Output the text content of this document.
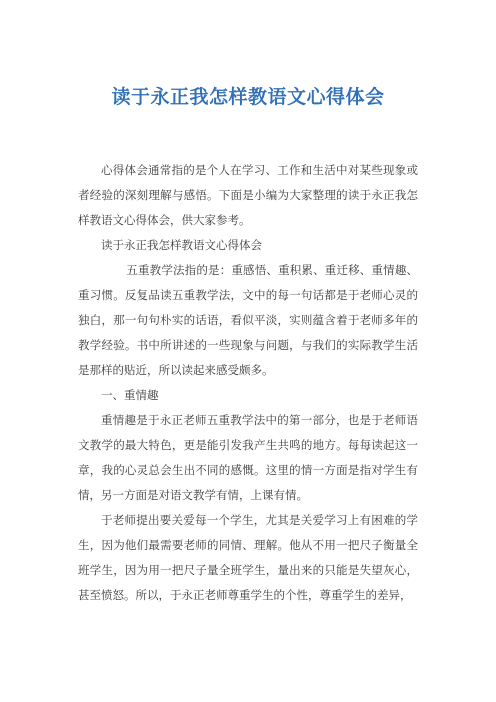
读于永正我怎样教语文心得体会

心得体会通常指的是个人在学习、工作和生活中对某些现象或者经验的深刻理解与感悟。下面是小编为大家整理的读于永正我怎样教语文心得体会，供大家参考。

读于永正我怎样教语文心得体会

五重教学法指的是：重感悟、重积累、重迁移、重情趣、重习惯。反复品读五重教学法，文中的每一句话都是于老师心灵的独白，那一句句朴实的话语，看似平淡，实则蕴含着于老师多年的教学经验。书中所讲述的一些现象与问题，与我们的实际教学生活是那样的贴近，所以读起来感受颇多。

一、重情趣

重情趣是于永正老师五重教学法中的第一部分，也是于老师语文教学的最大特色，更是能引发我产生共鸣的地方。每每读起这一章，我的心灵总会生出不同的感慨。这里的情一方面是指对学生有情，另一方面是对语文教学有情，上课有情。

于老师提出要关爱每一个学生，尤其是关爱学习上有困难的学生，因为他们最需要老师的同情、理解。他从不用一把尺子衡量全班学生，因为用一把尺子量全班学生，量出来的只能是失望灰心，甚至愤怒。所以，于永正老师尊重学生的个性，尊重学生的差异，
